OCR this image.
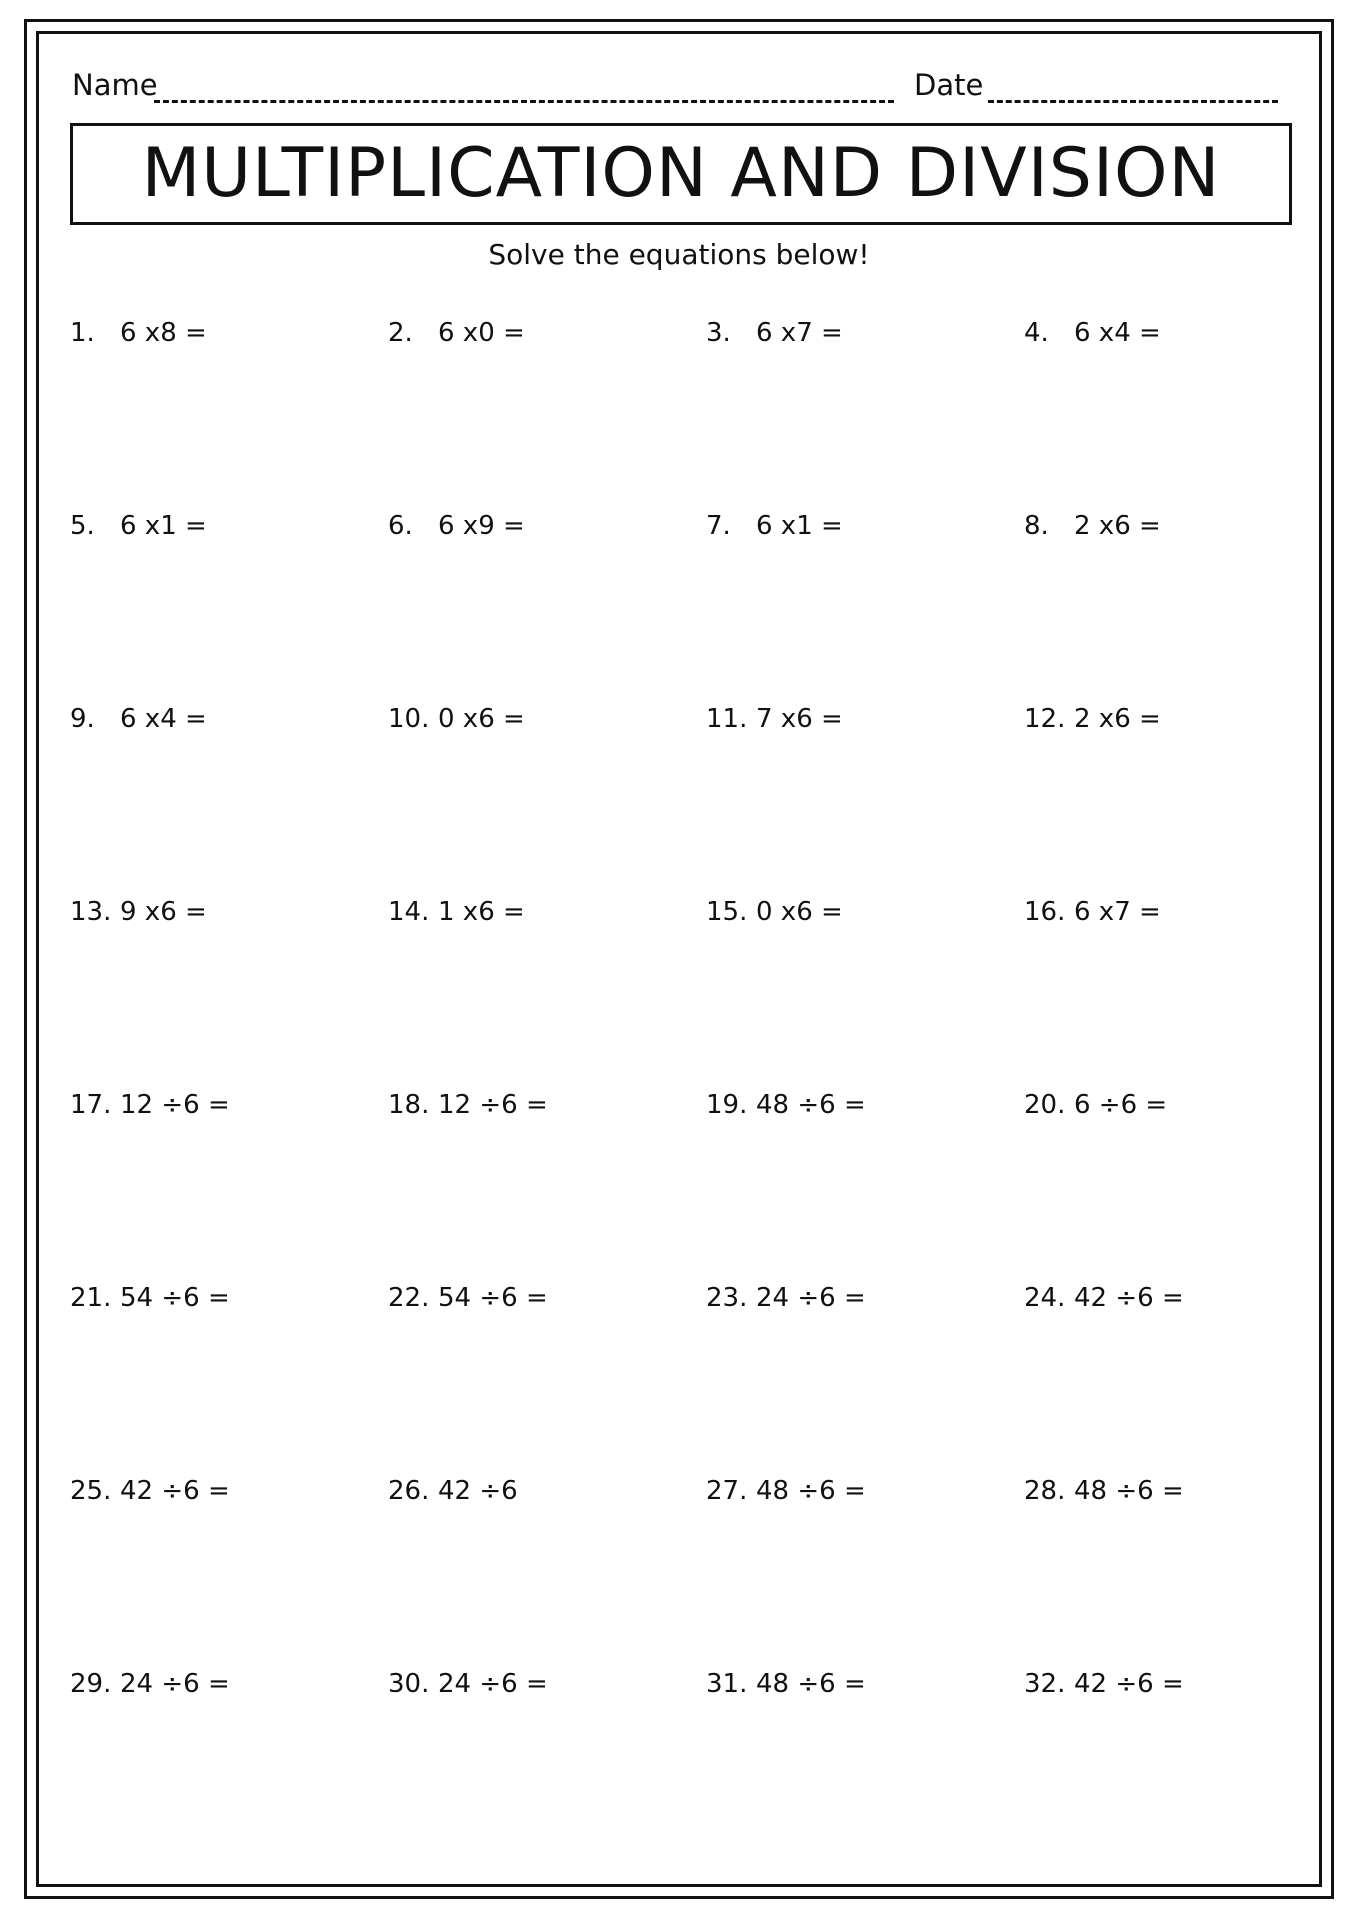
Name	Date
MULTIPLICATION AND DIVISION
Solve the equations below!
1. 6 x8 =	2. 6 x0 =	3. 6 x7 =	4. 6 x4 =
5. 6 x1 =	6. 6 x9 =	7. 6 x1 =	8. 2 x6 =
9. 6 x4 =	10. 0 x6 =	11. 7 x6 =	12. 2 x6 =
13. 9 x6 =	14. 1 x6 =	15. 0 x6 =	16. 6 x7 =
17. 12 ÷6 =	18. 12 ÷6 =	19. 48 ÷6 =	20. 6 ÷6 =
21. 54 ÷6 =	22. 54 ÷6 =	23. 24 ÷6 =	24. 42 ÷6 =
25. 42 ÷6 =	26. 42 ÷6	27. 48 ÷6 =	28. 48 ÷6 =
29. 24 ÷6 =	30. 24 ÷6 =	31. 48 ÷6 =	32. 42 ÷6 =
